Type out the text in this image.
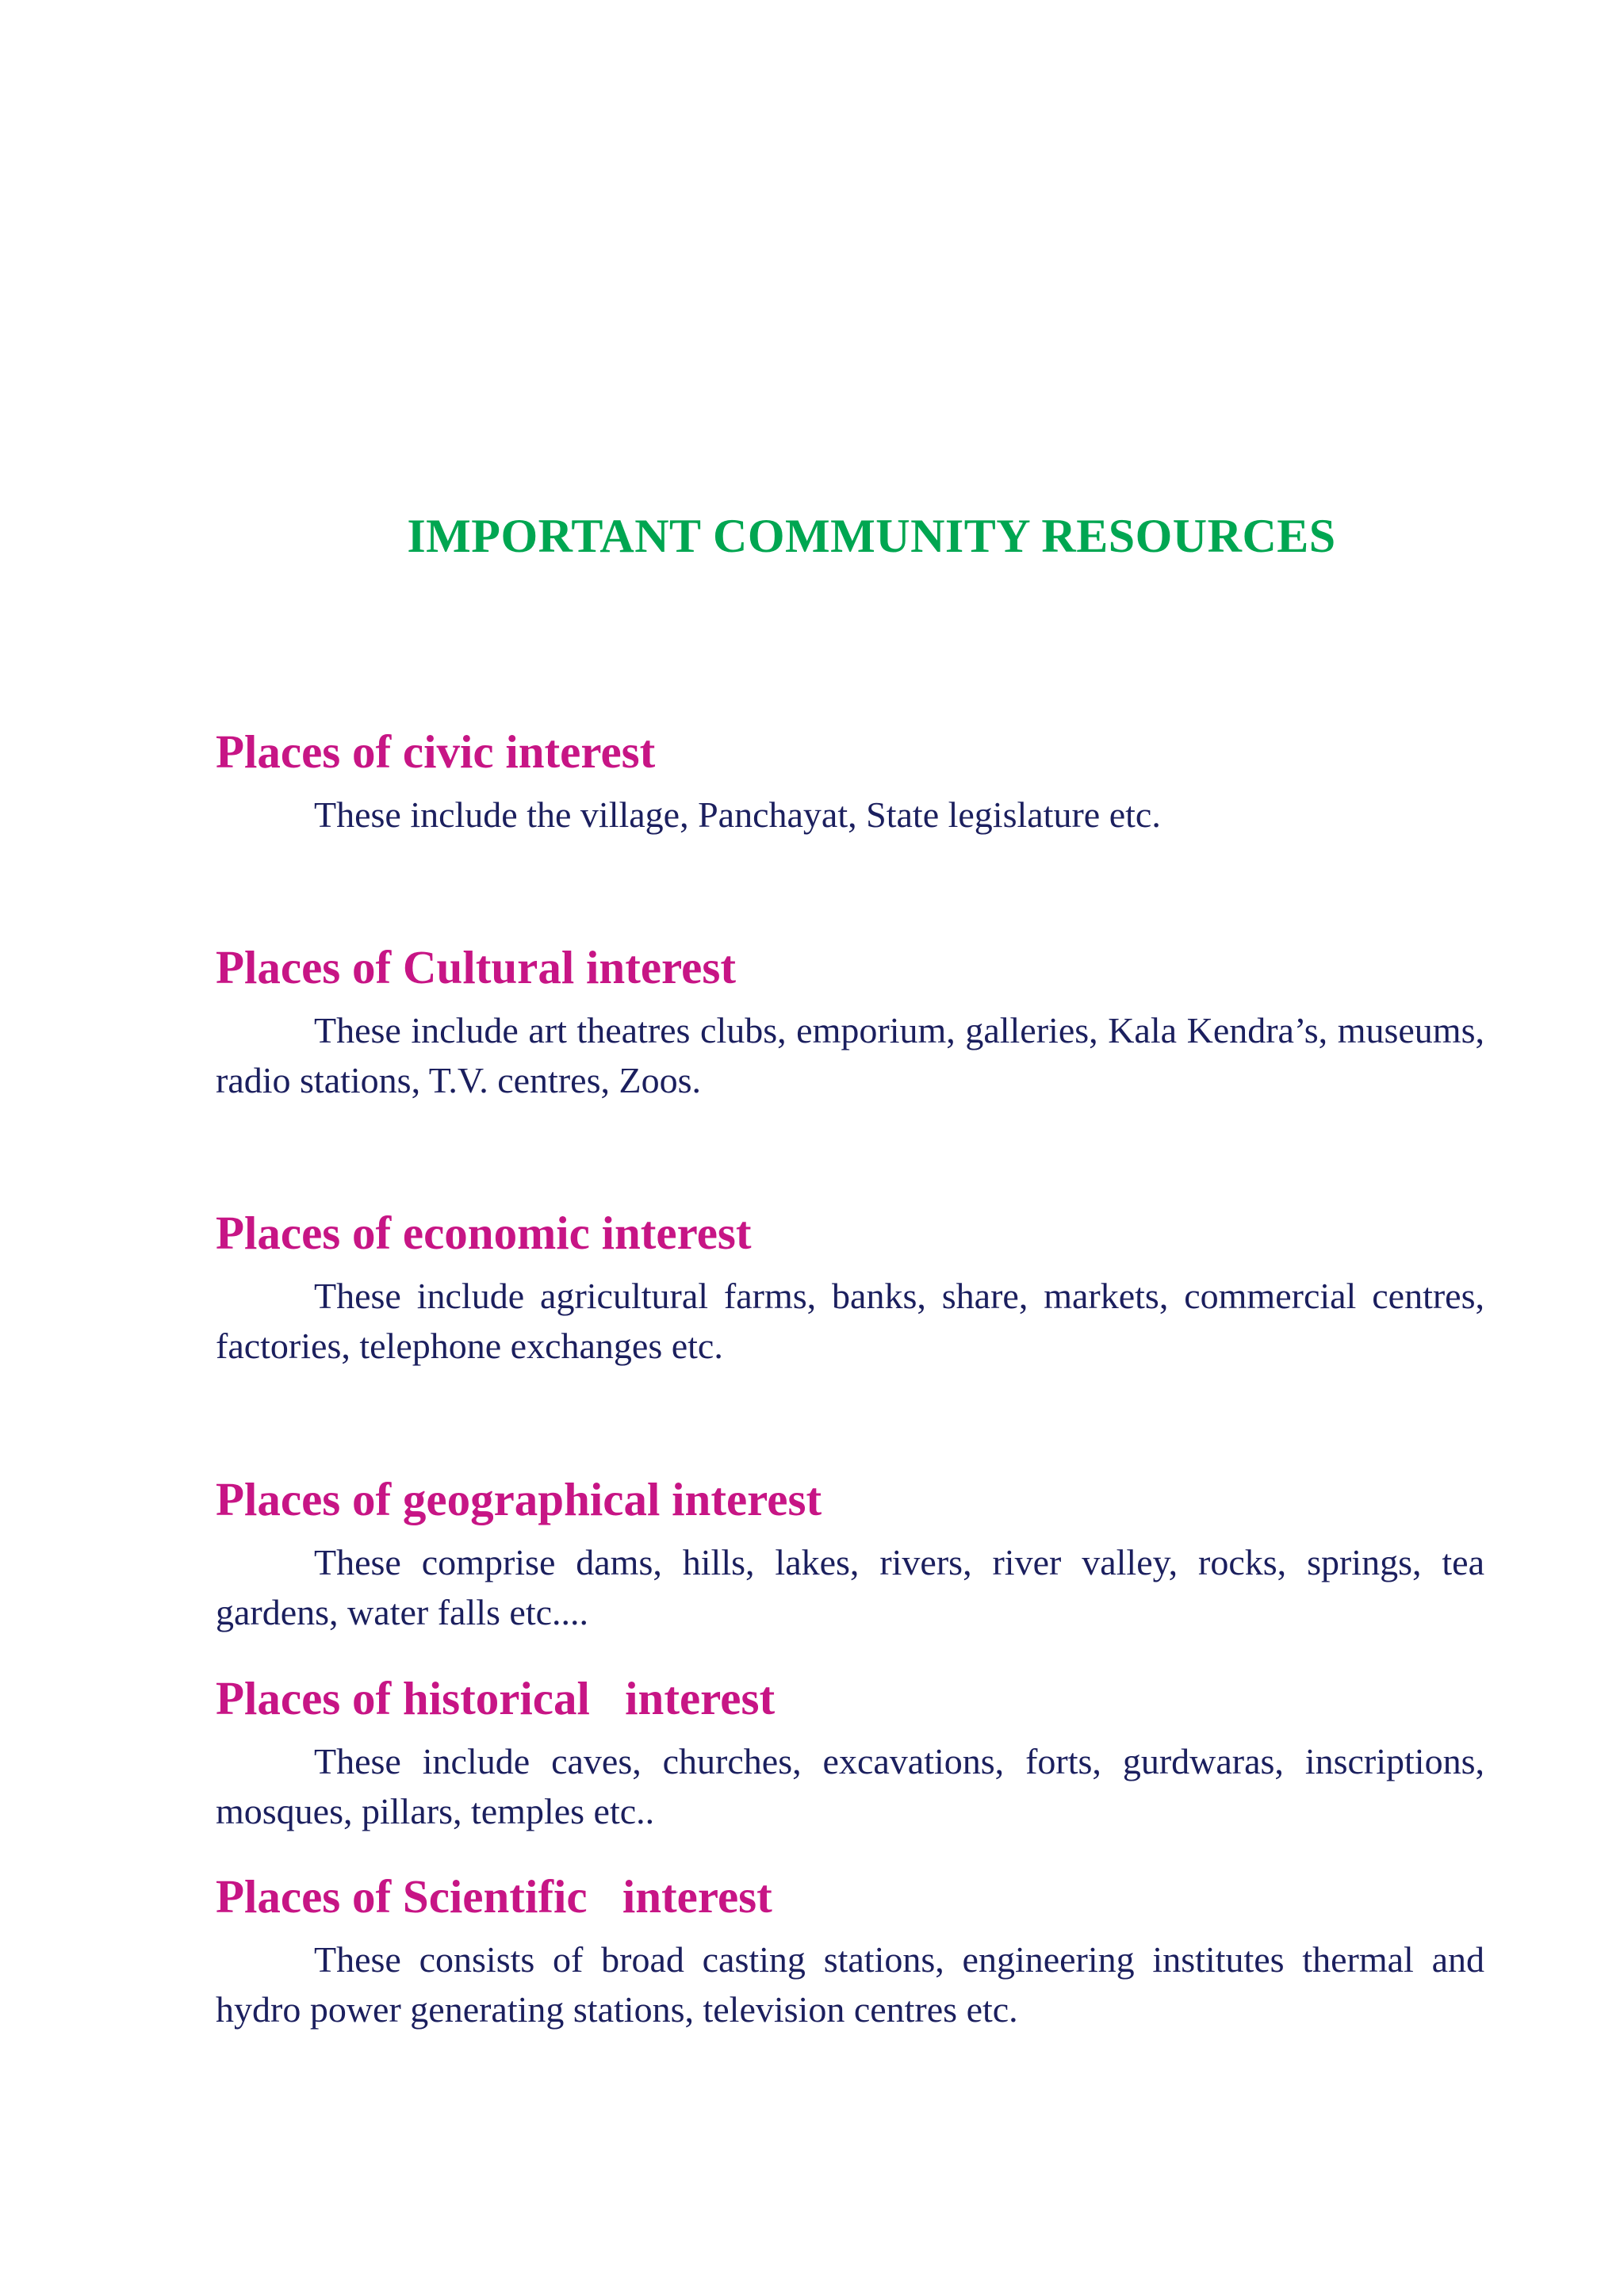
IMPORTANT COMMUNITY RESOURCES
Places of civic interest

These include the village, Panchayat, State legislature etc.

Places of Cultural interest

These include art theatres clubs, emporium, galleries, Kala Kendra’s, museums, radio stations, T.V. centres, Zoos.

Places of economic interest

These include agricultural farms, banks, share, markets, commercial centres, factories, telephone exchanges etc.

Places of geographical interest

These comprise dams, hills, lakes, rivers, river valley, rocks, springs, tea gardens, water falls etc....

Places of historical   interest

These include caves, churches, excavations, forts, gurdwaras, inscriptions, mosques, pillars, temples etc..

Places of Scientific   interest

These consists of broad casting stations, engineering institutes thermal and hydro power generating stations, television centres etc.
